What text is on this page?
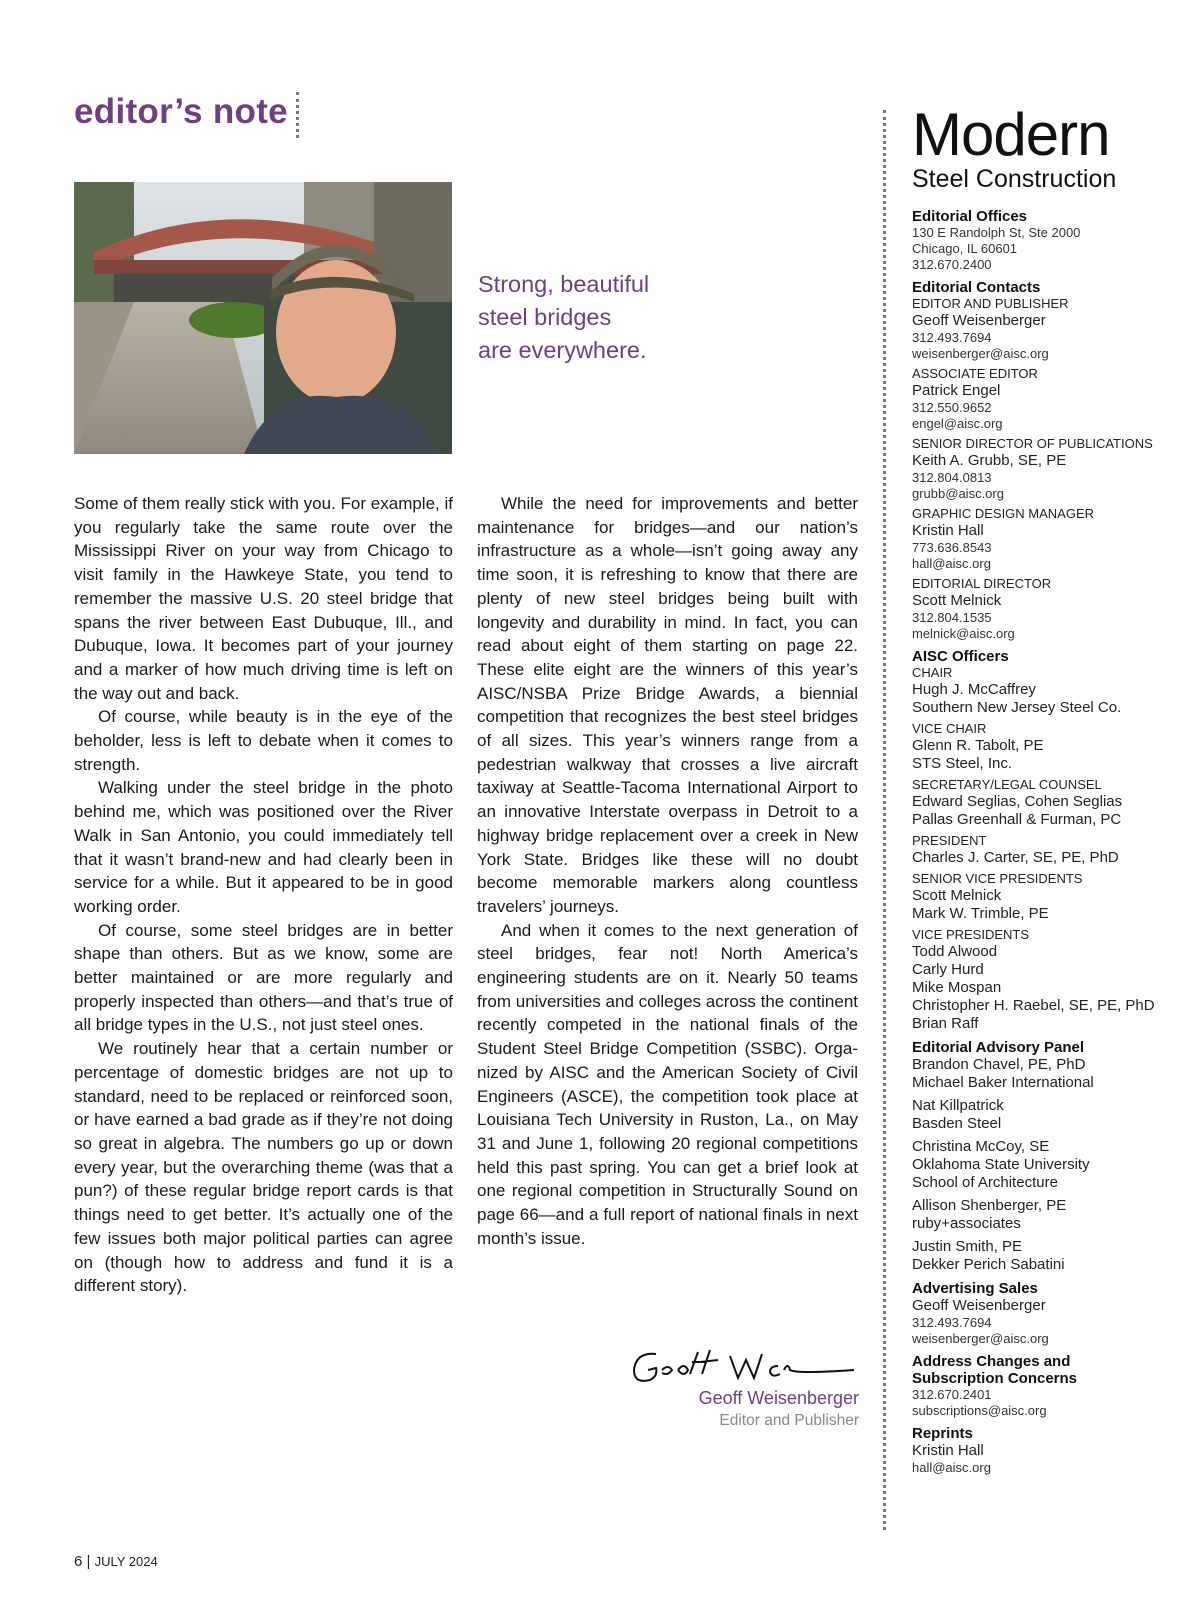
editor’s note
Strong, beautiful
steel bridges
are everywhere.

Some of them really stick with you. For example, if you regularly take the same route over the Mississippi River on your way from Chicago to visit family in the Hawkeye State, you tend to remember the massive U.S. 20 steel bridge that spans the river between East Dubuque, Ill., and Dubuque, Iowa. It becomes part of your journey and a marker of how much driving time is left on the way out and back.

Of course, while beauty is in the eye of the beholder, less is left to debate when it comes to strength.

Walking under the steel bridge in the photo behind me, which was positioned over the River Walk in San Antonio, you could immediately tell that it wasn’t brand-new and had clearly been in service for a while. But it appeared to be in good working order.

Of course, some steel bridges are in better shape than others. But as we know, some are better maintained or are more regularly and properly inspected than others—and that’s true of all bridge types in the U.S., not just steel ones.

We routinely hear that a certain number or percentage of domestic bridges are not up to standard, need to be replaced or reinforced soon, or have earned a bad grade as if they’re not doing so great in algebra. The numbers go up or down every year, but the overarching theme (was that a pun?) of these regular bridge report cards is that things need to get better. It’s actually one of the few issues both major political parties can agree on (though how to address and fund it is a different story).

While the need for improvements and better maintenance for bridges—and our nation’s infrastructure as a whole—isn’t going away any time soon, it is refreshing to know that there are plenty of new steel bridges being built with longevity and durability in mind. In fact, you can read about eight of them starting on page 22. These elite eight are the winners of this year’s AISC/NSBA Prize Bridge Awards, a biennial competition that recognizes the best steel bridges of all sizes. This year’s winners range from a pedestrian walkway that crosses a live aircraft taxiway at Seattle-Tacoma International Airport to an innovative Interstate overpass in Detroit to a highway bridge replacement over a creek in New York State. Bridges like these will no doubt become memorable markers along countless travelers’ journeys.

And when it comes to the next generation of steel bridges, fear not! North America’s engineering students are on it. Nearly 50 teams from universities and colleges across the continent recently competed in the national finals of the Student Steel Bridge Competition (SSBC). Organized by AISC and the American Society of Civil Engineers (ASCE), the competition took place at Louisiana Tech University in Ruston, La., on May 31 and June 1, following 20 regional competitions held this past spring. You can get a brief look at one regional competition in Structurally Sound on page 66—and a full report of national finals in next month’s issue.

Geoff Weisenberger
Editor and Publisher
Modern
Steel Construction
Editorial Offices
130 E Randolph St, Ste 2000
Chicago, IL 60601
312.670.2400
Editorial Contacts
EDITOR AND PUBLISHER
Geoff Weisenberger
312.493.7694
weisenberger@aisc.org
ASSOCIATE EDITOR
Patrick Engel
312.550.9652
engel@aisc.org
SENIOR DIRECTOR OF PUBLICATIONS
Keith A. Grubb, SE, PE
312.804.0813
grubb@aisc.org
GRAPHIC DESIGN MANAGER
Kristin Hall
773.636.8543
hall@aisc.org
EDITORIAL DIRECTOR
Scott Melnick
312.804.1535
melnick@aisc.org
AISC Officers
CHAIR
Hugh J. McCaffrey
Southern New Jersey Steel Co.
VICE CHAIR
Glenn R. Tabolt, PE
STS Steel, Inc.
SECRETARY/LEGAL COUNSEL
Edward Seglias, Cohen Seglias
Pallas Greenhall & Furman, PC
PRESIDENT
Charles J. Carter, SE, PE, PhD
SENIOR VICE PRESIDENTS
Scott Melnick
Mark W. Trimble, PE
VICE PRESIDENTS
Todd Alwood
Carly Hurd
Mike Mospan
Christopher H. Raebel, SE, PE, PhD
Brian Raff
Editorial Advisory Panel
Brandon Chavel, PE, PhD
Michael Baker International
Nat Killpatrick
Basden Steel
Christina McCoy, SE
Oklahoma State University
School of Architecture
Allison Shenberger, PE
ruby+associates
Justin Smith, PE
Dekker Perich Sabatini
Advertising Sales
Geoff Weisenberger
312.493.7694
weisenberger@aisc.org
Address Changes and
Subscription Concerns
312.670.2401
subscriptions@aisc.org
Reprints
Kristin Hall
hall@aisc.org
6 | JULY 2024
